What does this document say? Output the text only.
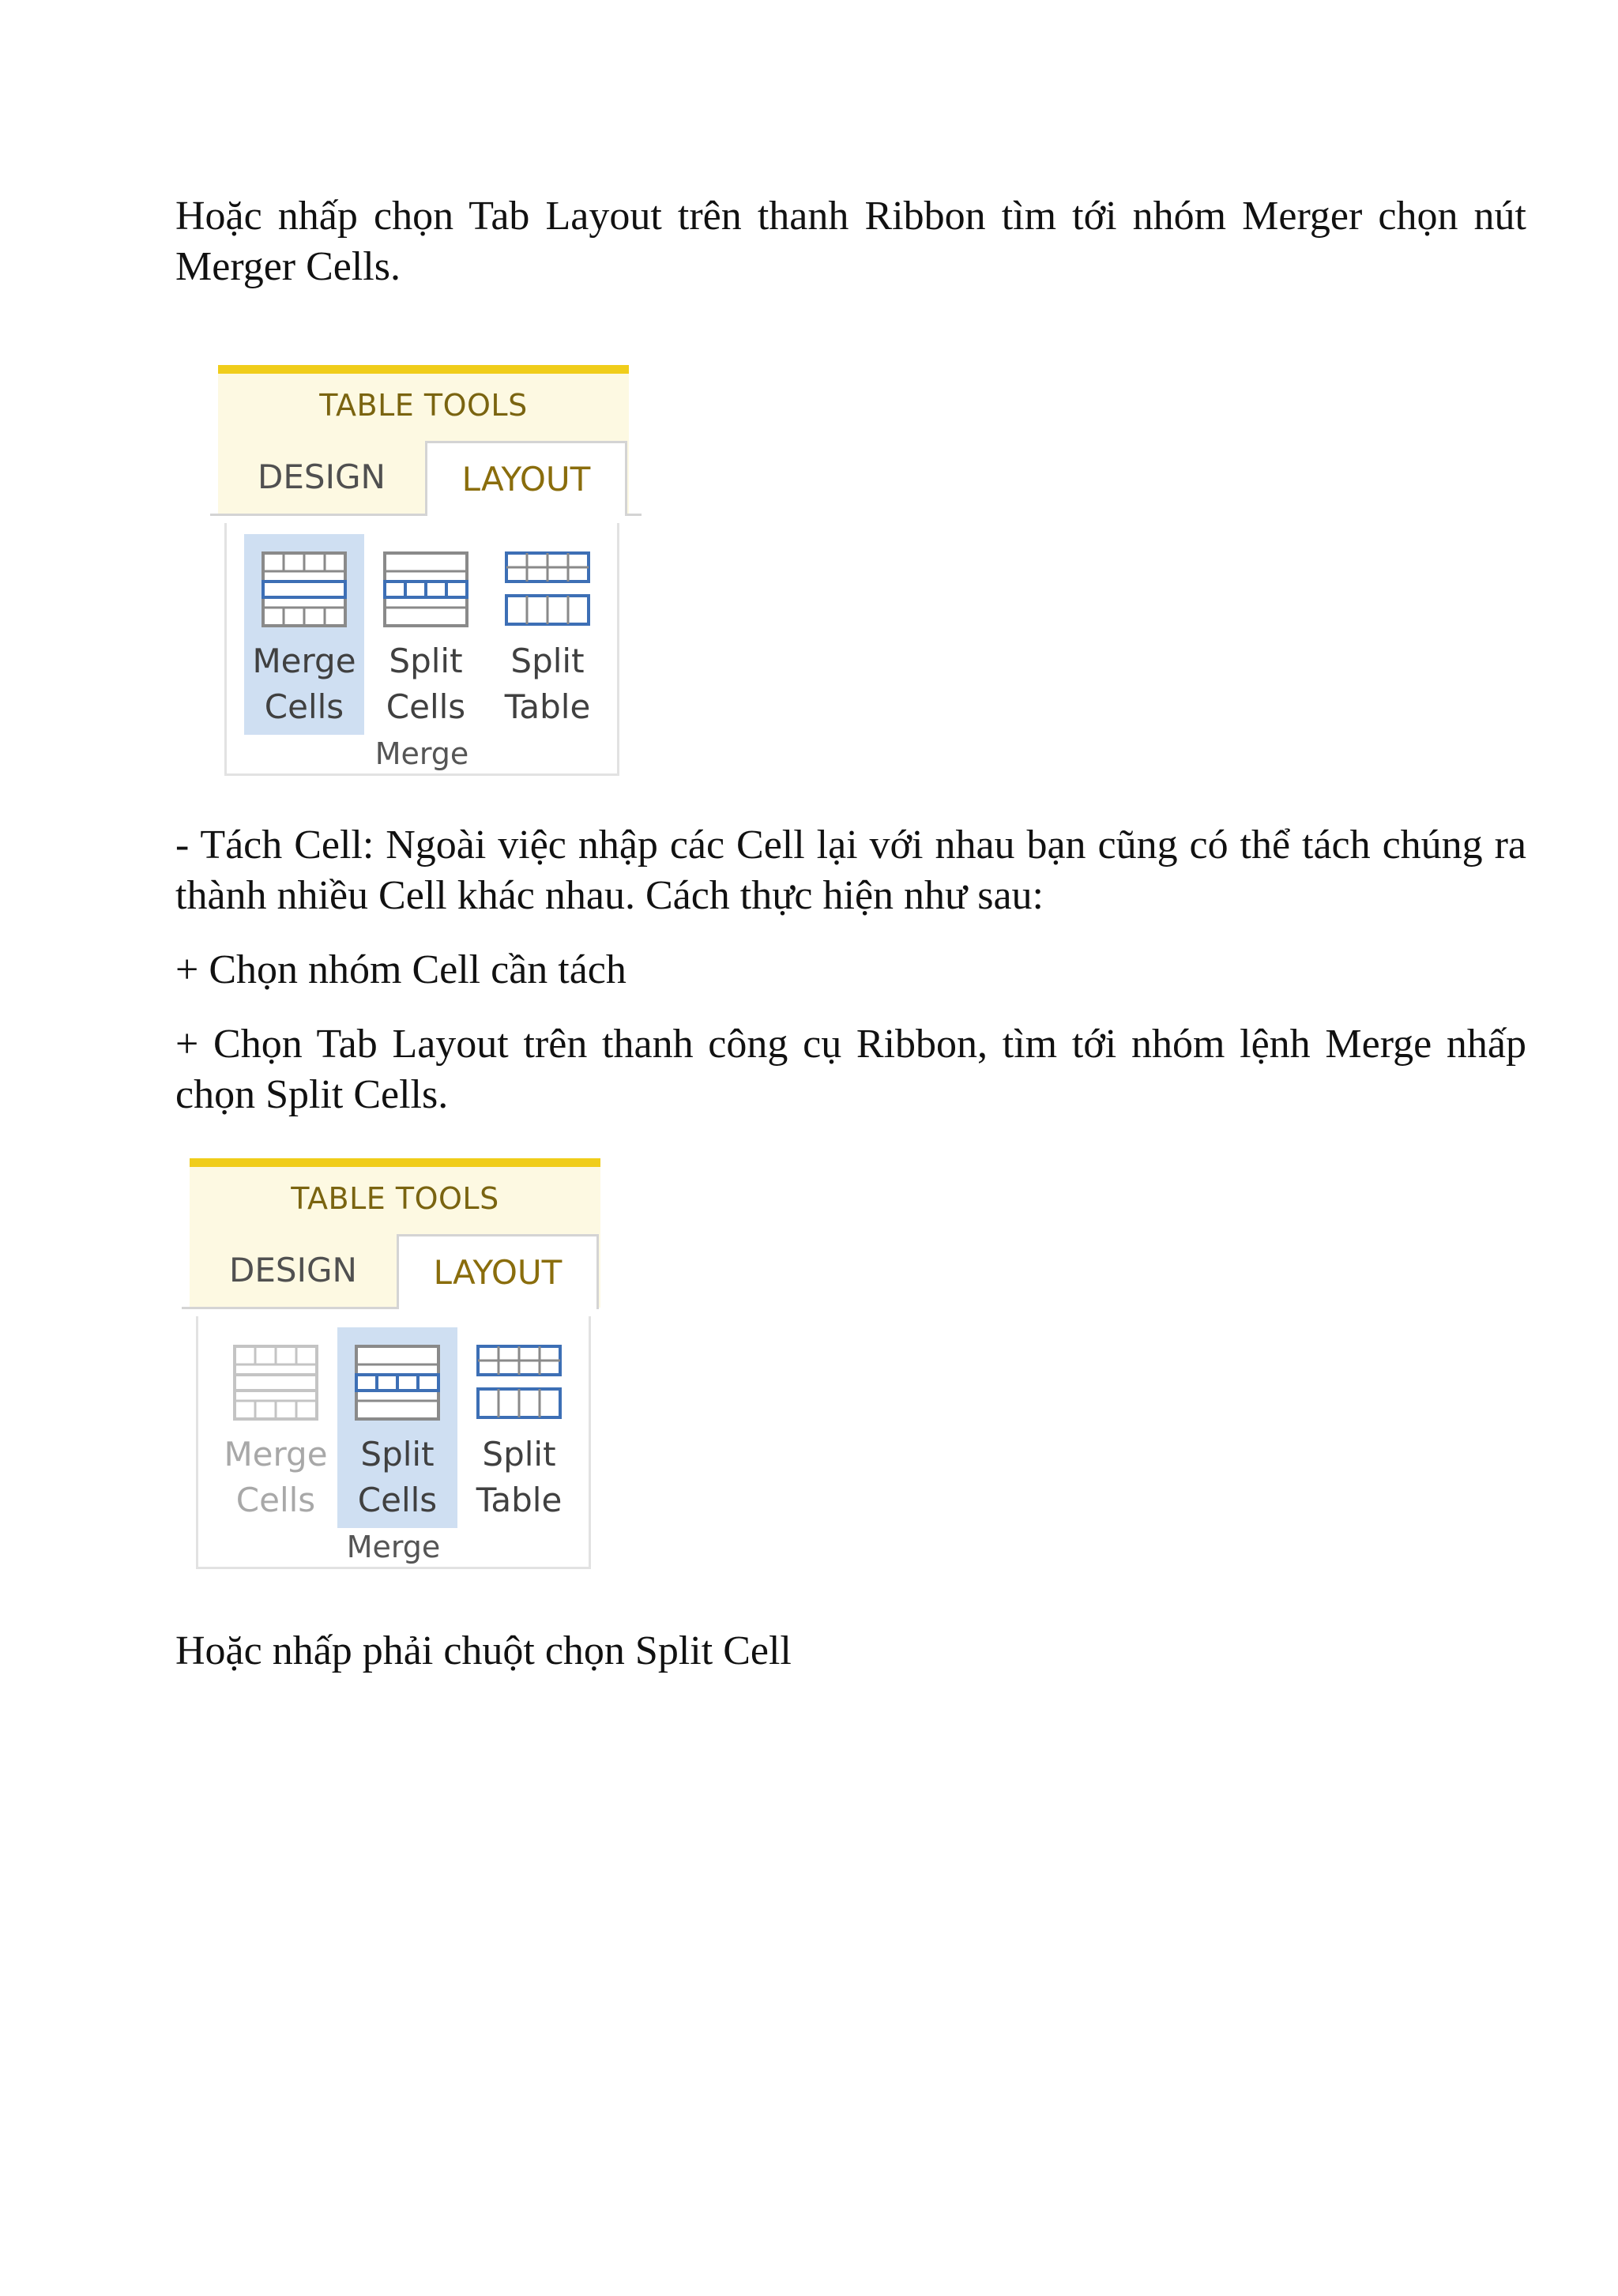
Hoặc nhấp chọn Tab Layout trên thanh Ribbon tìm tới nhóm Merger chọn nút Merger Cells.

TABLE TOOLS
DESIGN	LAYOUT
Merge
Cells
Split
Cells
Split
Table
Merge

- Tách Cell: Ngoài việc nhập các Cell lại với nhau bạn cũng có thể tách chúng ra thành nhiều Cell khác nhau. Cách thực hiện như sau:

+ Chọn nhóm Cell cần tách

+ Chọn Tab Layout trên thanh công cụ Ribbon, tìm tới nhóm lệnh Merge nhấp chọn Split Cells.

TABLE TOOLS
DESIGN	LAYOUT
Merge
Cells
Split
Cells
Split
Table
Merge

Hoặc nhấp phải chuột chọn Split Cell
